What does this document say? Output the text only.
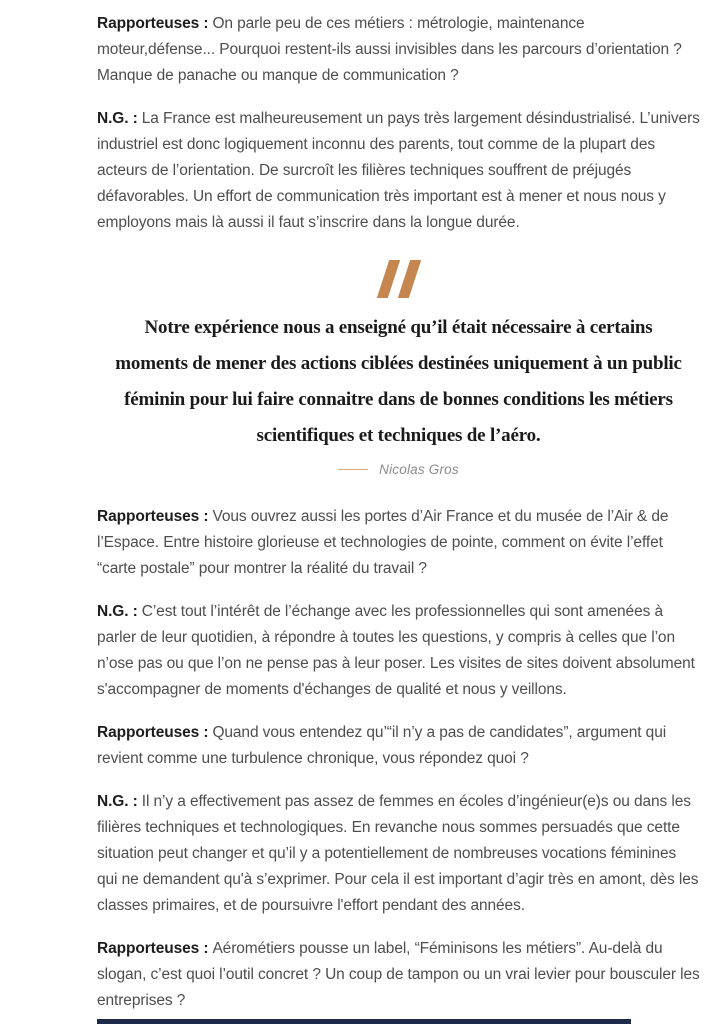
Rapporteuses : On parle peu de ces métiers : métrologie, maintenance moteur,défense... Pourquoi restent-ils aussi invisibles dans les parcours d’orientation ? Manque de panache ou manque de communication ?

N.G. : La France est malheureusement un pays très largement désindustrialisé. L’univers industriel est donc logiquement inconnu des parents, tout comme de la plupart des acteurs de l’orientation. De surcroît les filières techniques souffrent de préjugés défavorables. Un effort de communication très important est à mener et nous nous y employons mais là aussi il faut s’inscrire dans la longue durée.

Notre expérience nous a enseigné qu’il était nécessaire à certains
moments de mener des actions ciblées destinées uniquement à un public
féminin pour lui faire connaitre dans de bonnes conditions les métiers
scientifiques et techniques de l’aéro.
Nicolas Gros

Rapporteuses : Vous ouvrez aussi les portes d’Air France et du musée de l’Air & de l’Espace. Entre histoire glorieuse et technologies de pointe, comment on évite l’effet “carte postale” pour montrer la réalité du travail ?

N.G. : C’est tout l’intérêt de l’échange avec les professionnelles qui sont amenées à parler de leur quotidien, à répondre à toutes les questions, y compris à celles que l’on n’ose pas ou que l’on ne pense pas à leur poser. Les visites de sites doivent absolument s'accompagner de moments d'échanges de qualité et nous y veillons.

Rapporteuses : Quand vous entendez qu’“il n’y a pas de candidates”, argument qui revient comme une turbulence chronique, vous répondez quoi ?

N.G. : Il n’y a effectivement pas assez de femmes en écoles d’ingénieur(e)s ou dans les filières techniques et technologiques. En revanche nous sommes persuadés que cette situation peut changer et qu’il y a potentiellement de nombreuses vocations féminines qui ne demandent qu'à s’exprimer. Pour cela il est important d’agir très en amont, dès les classes primaires, et de poursuivre l'effort pendant des années.

Rapporteuses : Aérométiers pousse un label, “Féminisons les métiers”. Au-delà du slogan, c’est quoi l’outil concret ? Un coup de tampon ou un vrai levier pour bousculer les entreprises ?
